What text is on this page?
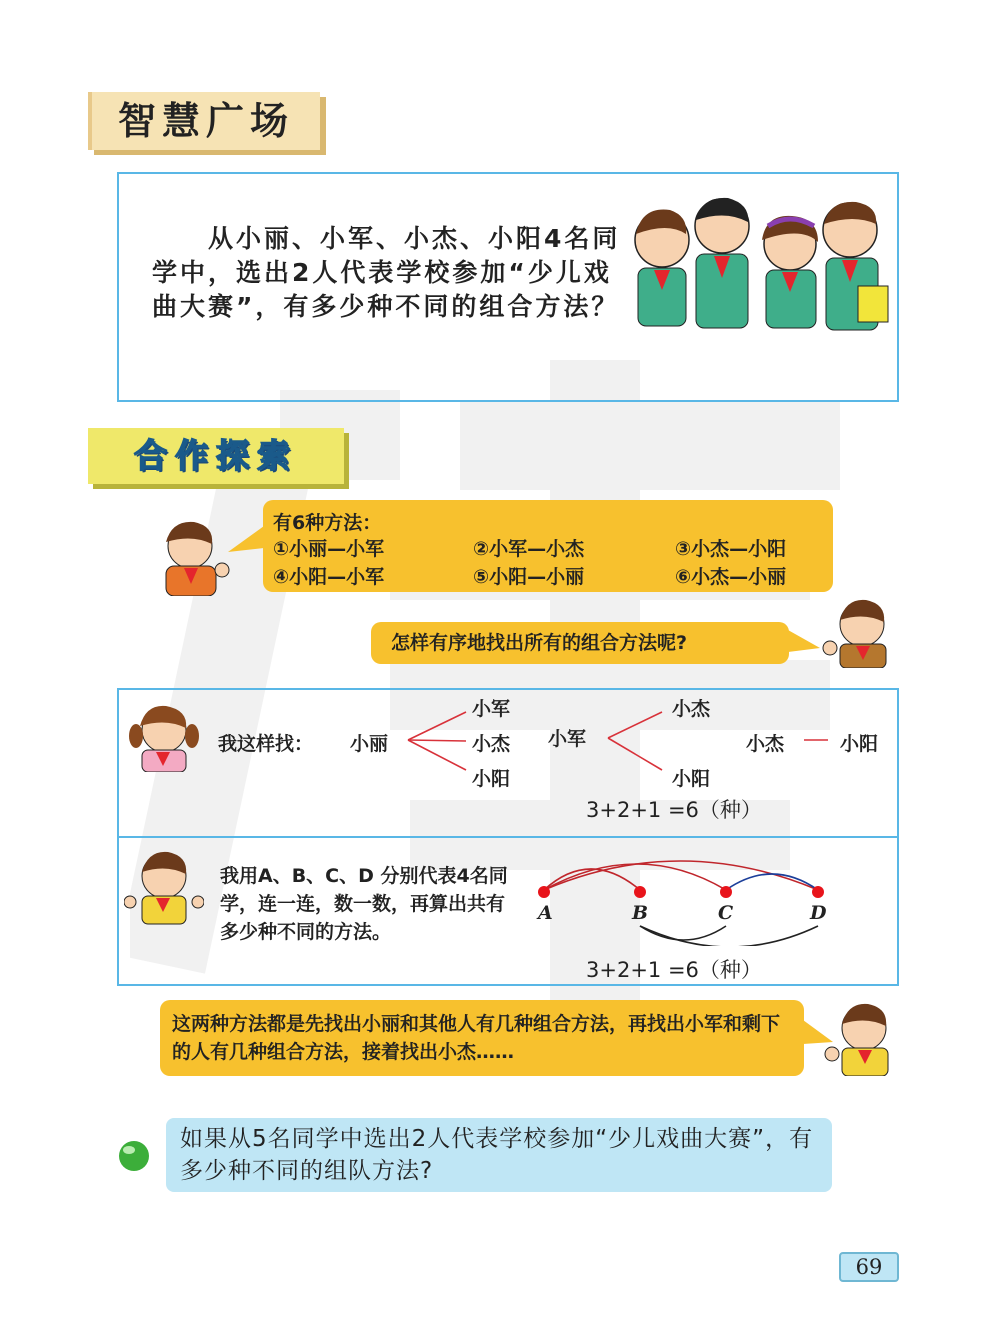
智慧广场
　　从小丽、小军、小杰、小阳4名同学中，选出2人代表学校参加“少儿戏曲大赛”，有多少种不同的组合方法？
合作探索
有6种方法：
①小丽—小军	②小军—小杰	③小杰—小阳
④小阳—小军	⑤小阳—小丽	⑥小杰—小丽
怎样有序地找出所有的组合方法呢?
我这样找： 小丽
小军
小杰
小阳
小军
小杰
小阳
小杰	小阳
3+2+1 =6（种）
我用A、B、C、D 分别代表4名同学，连一连，数一数，再算出共有多少种不同的方法。
A	B	C	D
3+2+1 =6（种）
这两种方法都是先找出小丽和其他人有几种组合方法，再找出小军和剩下的人有几种组合方法，接着找出小杰……
如果从5名同学中选出2人代表学校参加“少儿戏曲大赛”，有多少种不同的组队方法?
69
